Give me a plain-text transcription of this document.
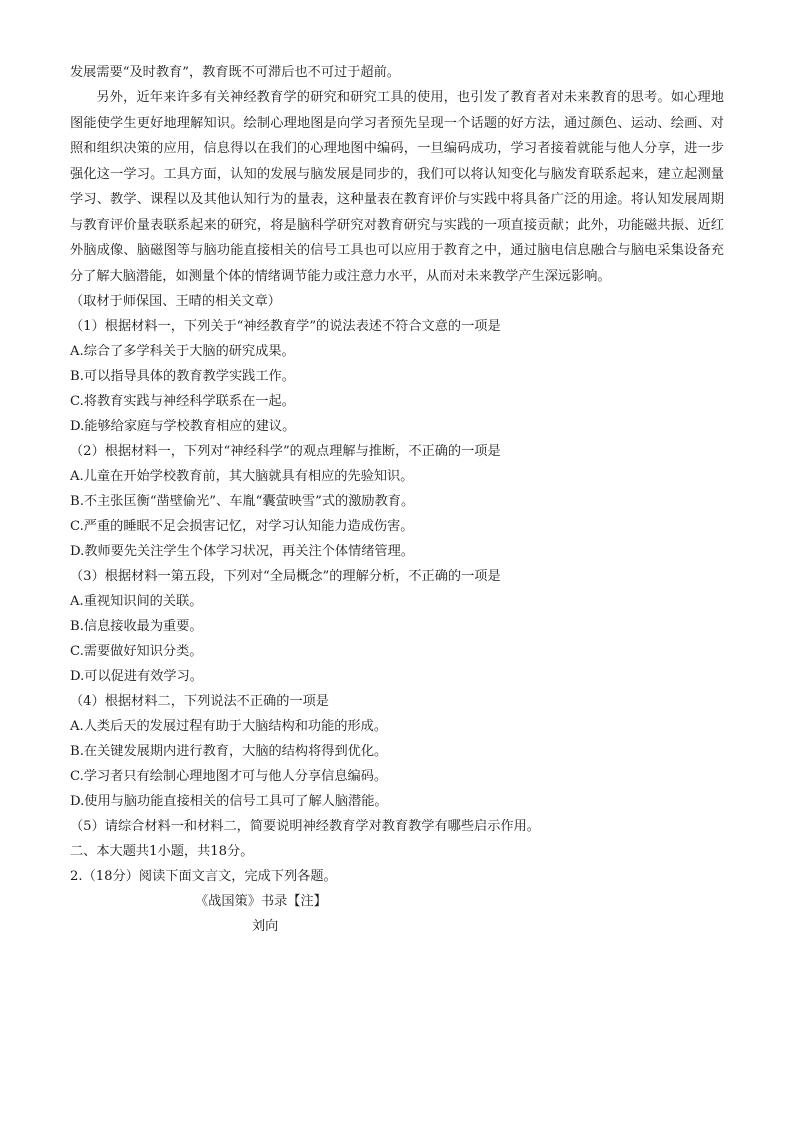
发展需要“及时教育”，教育既不可滞后也不可过于超前。

另外，近年来许多有关神经教育学的研究和研究工具的使用，也引发了教育者对未来教育的思考。如心理地图能使学生更好地理解知识。绘制心理地图是向学习者预先呈现一个话题的好方法，通过颜色、运动、绘画、对照和组织决策的应用，信息得以在我们的心理地图中编码，一旦编码成功，学习者接着就能与他人分享，进一步强化这一学习。工具方面，认知的发展与脑发展是同步的，我们可以将认知变化与脑发育联系起来，建立起测量学习、教学、课程以及其他认知行为的量表，这种量表在教育评价与实践中将具备广泛的用途。将认知发展周期与教育评价量表联系起来的研究，将是脑科学研究对教育研究与实践的一项直接贡献；此外，功能磁共振、近红外脑成像、脑磁图等与脑功能直接相关的信号工具也可以应用于教育之中，通过脑电信息融合与脑电采集设备充分了解大脑潜能，如测量个体的情绪调节能力或注意力水平，从而对未来教学产生深远影响。

（取材于师保国、王晴的相关文章）

（1）根据材料一，下列关于“神经教育学”的说法表述不符合文意的一项是

A.综合了多学科关于大脑的研究成果。

B.可以指导具体的教育教学实践工作。

C.将教育实践与神经科学联系在一起。

D.能够给家庭与学校教育相应的建议。

（2）根据材料一，下列对“神经科学”的观点理解与推断，不正确的一项是

A.儿童在开始学校教育前，其大脑就具有相应的先验知识。

B.不主张匡衡“凿壁偷光”、车胤“囊萤映雪”式的激励教育。

C.严重的睡眠不足会损害记忆，对学习认知能力造成伤害。

D.教师要先关注学生个体学习状况，再关注个体情绪管理。

（3）根据材料一第五段，下列对“全局概念”的理解分析，不正确的一项是

A.重视知识间的关联。

B.信息接收最为重要。

C.需要做好知识分类。

D.可以促进有效学习。

（4）根据材料二，下列说法不正确的一项是

A.人类后天的发展过程有助于大脑结构和功能的形成。

B.在关键发展期内进行教育，大脑的结构将得到优化。

C.学习者只有绘制心理地图才可与他人分享信息编码。

D.使用与脑功能直接相关的信号工具可了解人脑潜能。

（5）请综合材料一和材料二，简要说明神经教育学对教育教学有哪些启示作用。

二、本大题共1小题，共18分。

2.（18分）阅读下面文言文，完成下列各题。

《战国策》书录【注】

刘向
